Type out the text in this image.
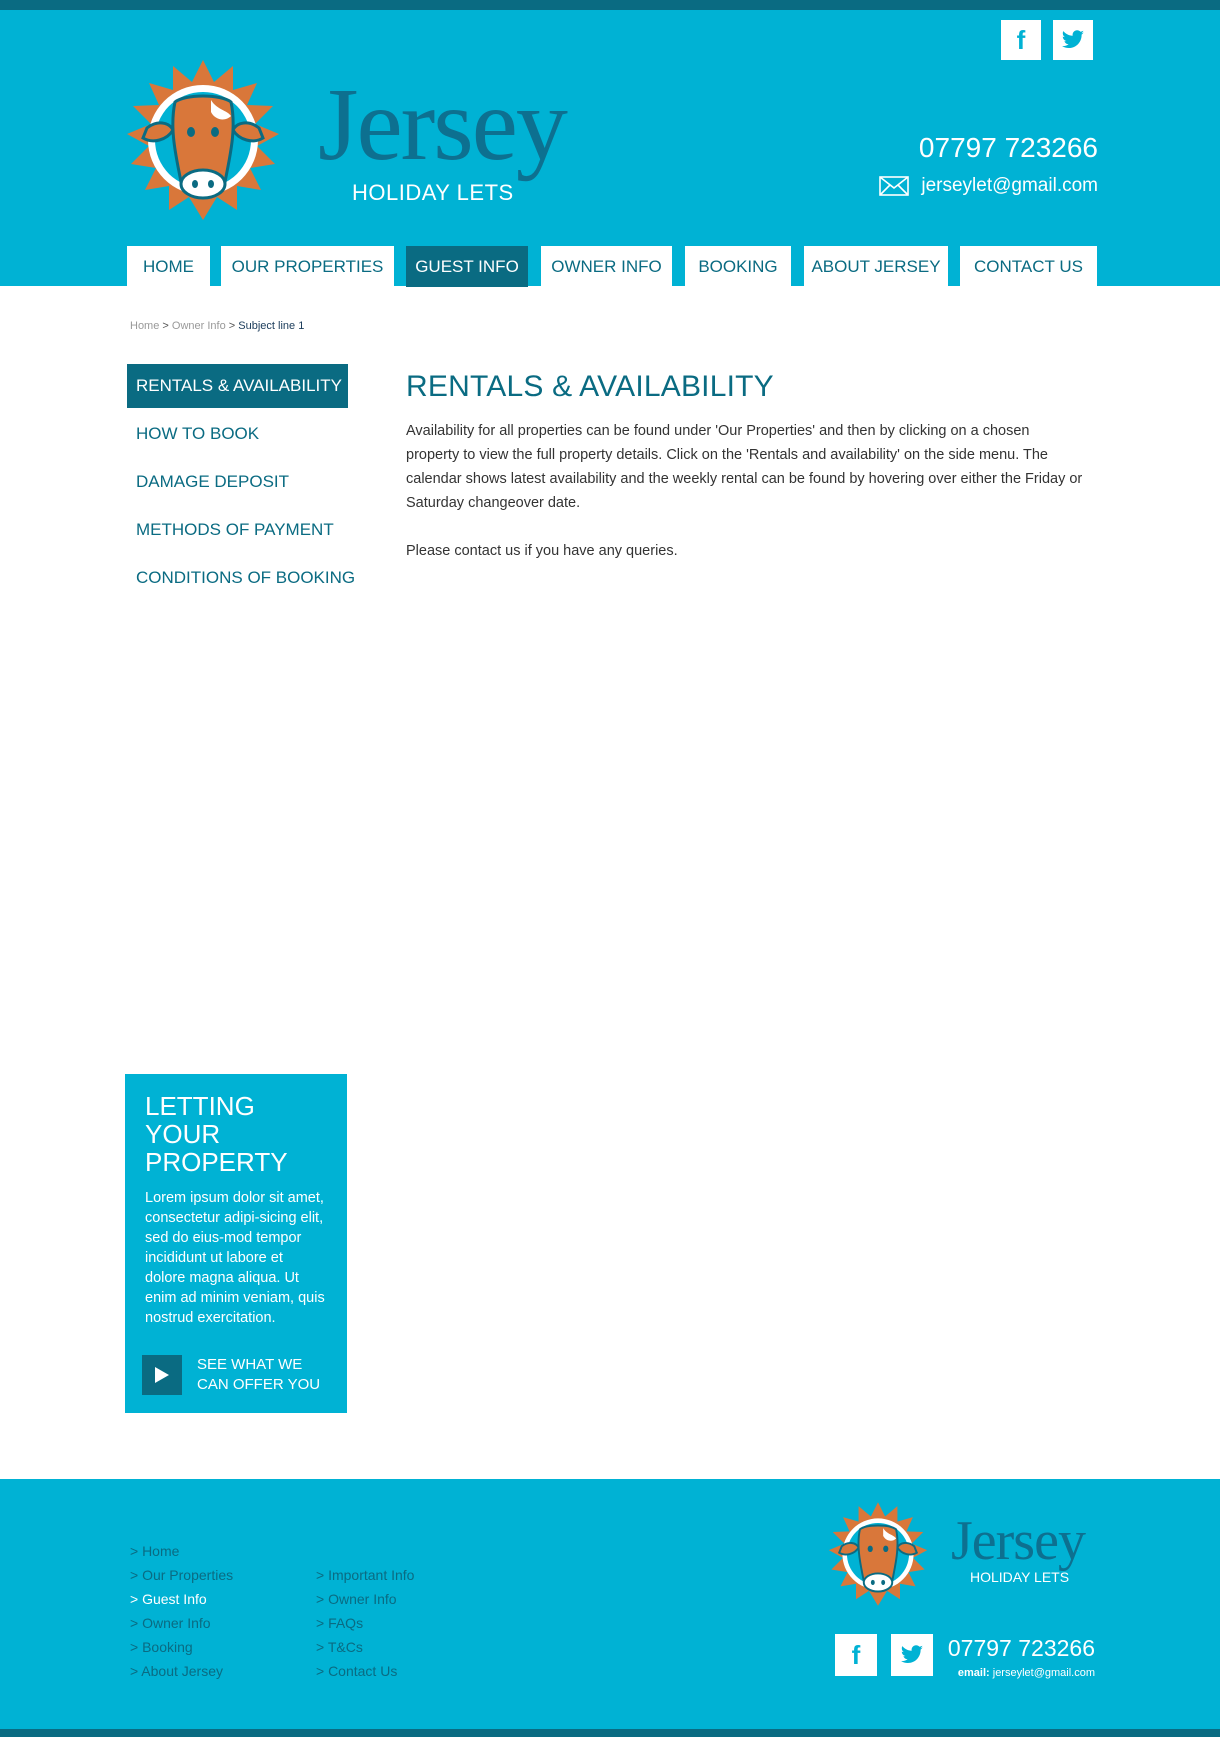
f
Jersey
HOLIDAY LETS
07797 723266
jerseylet@gmail.com
HOME	OUR PROPERTIES	GUEST INFO	OWNER INFO	BOOKING	ABOUT JERSEY	CONTACT US
Home > Owner Info > Subject line 1
RENTALS & AVAILABILITY
HOW TO BOOK
DAMAGE DEPOSIT
METHODS OF PAYMENT
CONDITIONS OF BOOKING
RENTALS & AVAILABILITY

Availability for all properties can be found under 'Our Properties' and then by clicking on a chosen property to view the full property details. Click on the 'Rentals and availability' on the side menu. The calendar shows latest availability and the weekly rental can be found by hovering over either the Friday or Saturday changeover date.

Please contact us if you have any queries.

LETTING YOUR
PROPERTY

Lorem ipsum dolor sit amet, consectetur adipi-sicing elit, sed do eius-mod tempor incididunt ut labore et dolore magna aliqua. Ut enim ad minim veniam, quis nostrud exercitation.

SEE WHAT WE
CAN OFFER YOU
> Home
> Our Properties
> Guest Info
> Owner Info
> Booking
> About Jersey
> Important Info
> Owner Info
> FAQs
> T&Cs
> Contact Us
Jersey
HOLIDAY LETS
f	07797 723266
email: jerseylet@gmail.com
